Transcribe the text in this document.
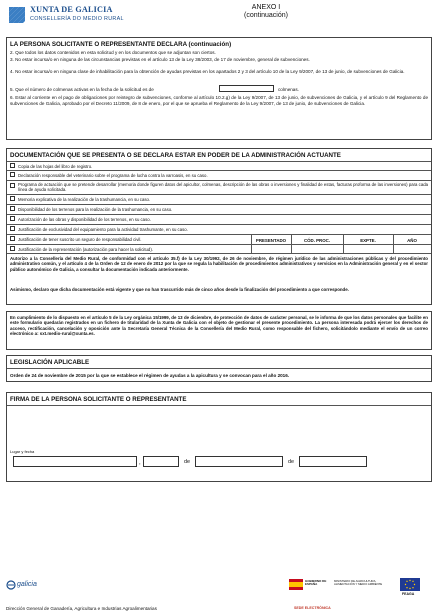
XUNTA DE GALICIA
CONSELLERÍA DO MEDIO RURAL
ANEXO I
(continuación)
LA PERSONA SOLICITANTE O REPRESENTANTE DECLARA (continuación)
2. Que todos los datos contenidos en esta solicitud y en los documentos que se adjuntan son ciertos.
3. No estar incursa/o en ninguna de las circunstancias previstas en el artículo 13 de la Ley 38/2003, de 17 de noviembre, general de subvenciones.
4. No estar incursa/o en ninguna clase de inhabilitación para la obtención de ayudas previstas en los apartados 2 y 3 del artículo 10 de la Ley 9/2007, de 13 de junio, de subvenciones de Galicia.
5. Que el número de colmenas activas en la fecha de la solicitud es de	colmenas.
6. Estar al corriente en el pago de obligaciones por reintegro de subvenciones, conforme al artículo 10.2.g) de la Ley 9/2007, de 13 de junio, de subvenciones de Galicia, y el artículo 9 del Reglamento de subvenciones de Galicia, aprobado por el Decreto 11/2009, de 8 de enero, por el que se aprueba el Reglamento de la Ley 9/2007, de 13 de junio, de subvenciones de Galicia.
DOCUMENTACIÓN QUE SE PRESENTA O SE DECLARA ESTAR EN PODER DE LA ADMINISTRACIÓN ACTUANTE
Copia de las hojas del libro de registro.
Declaración responsable del veterinario sobre el programa de lucha contra la varroasis, en su caso.
Programa de actuación que se pretende desarrollar (memoria donde figuren datos del apicultor, colmenas, descripción de las obras o inversiones y finalidad de estas, facturas proforma de las inversiones) para cada línea de ayuda solicitada.
Memoria explicativa de la realización de la trashumancia, en su caso.
Disponibilidad de los terrenos para la realización de la trashumancia, en su caso.
Autorización de las obras y disponibilidad de los terrenos, en su caso.
Justificación de exclusividad del equipamiento para la actividad trashumante, en su caso.
Justificación de tener suscrito un seguro de responsabilidad civil.	PRESENTADO	CÓD. PROC.	EXPTE.	AÑO
Justificación de la representación (autorización para hacer la solicitud).
Autorizo a la Consellería del Medio Rural, de conformidad con el artículo 35.f) de la Ley 30/1992, de 26 de noviembre, de régimen jurídico de las administraciones públicas y del procedimiento administrativo común, y el artículo 4 de la Orden de 12 de enero de 2012 por la que se regula la habilitación de procedimientos administrativos y servicios en la Administración general y en el sector público autonómico de Galicia, a consultar la documentación indicada anteriormente.
Asimismo, declaro que dicha documentación está vigente y que no han trascurrido más de cinco años desde la finalización del procedimiento a que corresponde.
En cumplimiento de lo dispuesto en el artículo 5 de la Ley orgánica 15/1999, de 13 de diciembre, de protección de datos de carácter personal, se le informa de que los datos personales que facilite en este formulario quedarán registrados en un fichero de titularidad de la Xunta de Galicia con el objeto de gestionar el presente procedimiento. La persona interesada podrá ejercer los derechos de acceso, rectificación, cancelación y oposición ante la Secretaría General Técnica de la Consellería del Medio Rural, como responsable del fichero, solicitándolo mediante el envío de un correo electrónico a: sxt.medio-rural@xunta.es.
LEGISLACIÓN APLICABLE
Orden de 24 de noviembre de 2015 por la que se establece el régimen de ayudas a la apicultura y se convocan para el año 2016.
FIRMA DE LA PERSONA SOLICITANTE O REPRESENTANTE
Lugar y fecha
,	de	de
galicia	GOBIERNO DE ESPAÑA
MINISTERIO DE AGRICULTURA, ALIMENTACIÓN Y MEDIO AMBIENTE
FEAGA
Dirección General de Ganadería, Agricultura e Industrias Agroalimentarias	SEDE ELECTRÓNICA
